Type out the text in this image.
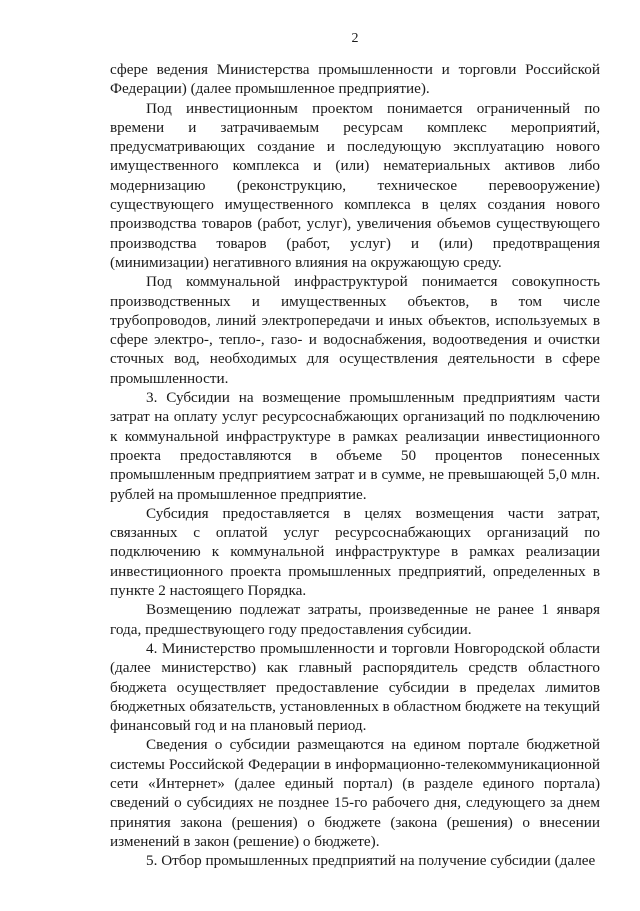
2

сфере ведения Министерства промышленности и торговли Российской Федерации) (далее промышленное предприятие).

Под инвестиционным проектом понимается ограниченный по времени и затрачиваемым ресурсам комплекс мероприятий, предусматривающих создание и последующую эксплуатацию нового имущественного комплекса и (или) нематериальных активов либо модернизацию (реконструкцию, техническое перевооружение) существующего имущественного комплекса в целях создания нового производства товаров (работ, услуг), увеличения объемов существующего производства товаров (работ, услуг) и (или) предотвращения (минимизации) негативного влияния на окружающую среду.

Под коммунальной инфраструктурой понимается совокупность производственных и имущественных объектов, в том числе трубопроводов, линий электропередачи и иных объектов, используемых в сфере электро-, тепло-, газо- и водоснабжения, водоотведения и очистки сточных вод, необходимых для осуществления деятельности в сфере промышленности.

3. Субсидии на возмещение промышленным предприятиям части затрат на оплату услуг ресурсоснабжающих организаций по подключению к коммунальной инфраструктуре в рамках реализации инвестиционного проекта предоставляются в объеме 50 процентов понесенных промышленным предприятием затрат и в сумме, не превышающей 5,0 млн. рублей на промышленное предприятие.

Субсидия предоставляется в целях возмещения части затрат, связанных с оплатой услуг ресурсоснабжающих организаций по подключению к коммунальной инфраструктуре в рамках реализации инвестиционного проекта промышленных предприятий, определенных в пункте 2 настоящего Порядка.

Возмещению подлежат затраты, произведенные не ранее 1 января года, предшествующего году предоставления субсидии.

4. Министерство промышленности и торговли Новгородской области (далее министерство) как главный распорядитель средств областного бюджета осуществляет предоставление субсидии в пределах лимитов бюджетных обязательств, установленных в областном бюджете на текущий финансовый год и на плановый период.

Сведения о субсидии размещаются на едином портале бюджетной системы Российской Федерации в информационно-телекоммуникационной сети «Интернет» (далее единый портал) (в разделе единого портала) сведений о субсидиях не позднее 15-го рабочего дня, следующего за днем принятия закона (решения) о бюджете (закона (решения) о внесении изменений в закон (решение) о бюджете).

5. Отбор промышленных предприятий на получение субсидии (далее
